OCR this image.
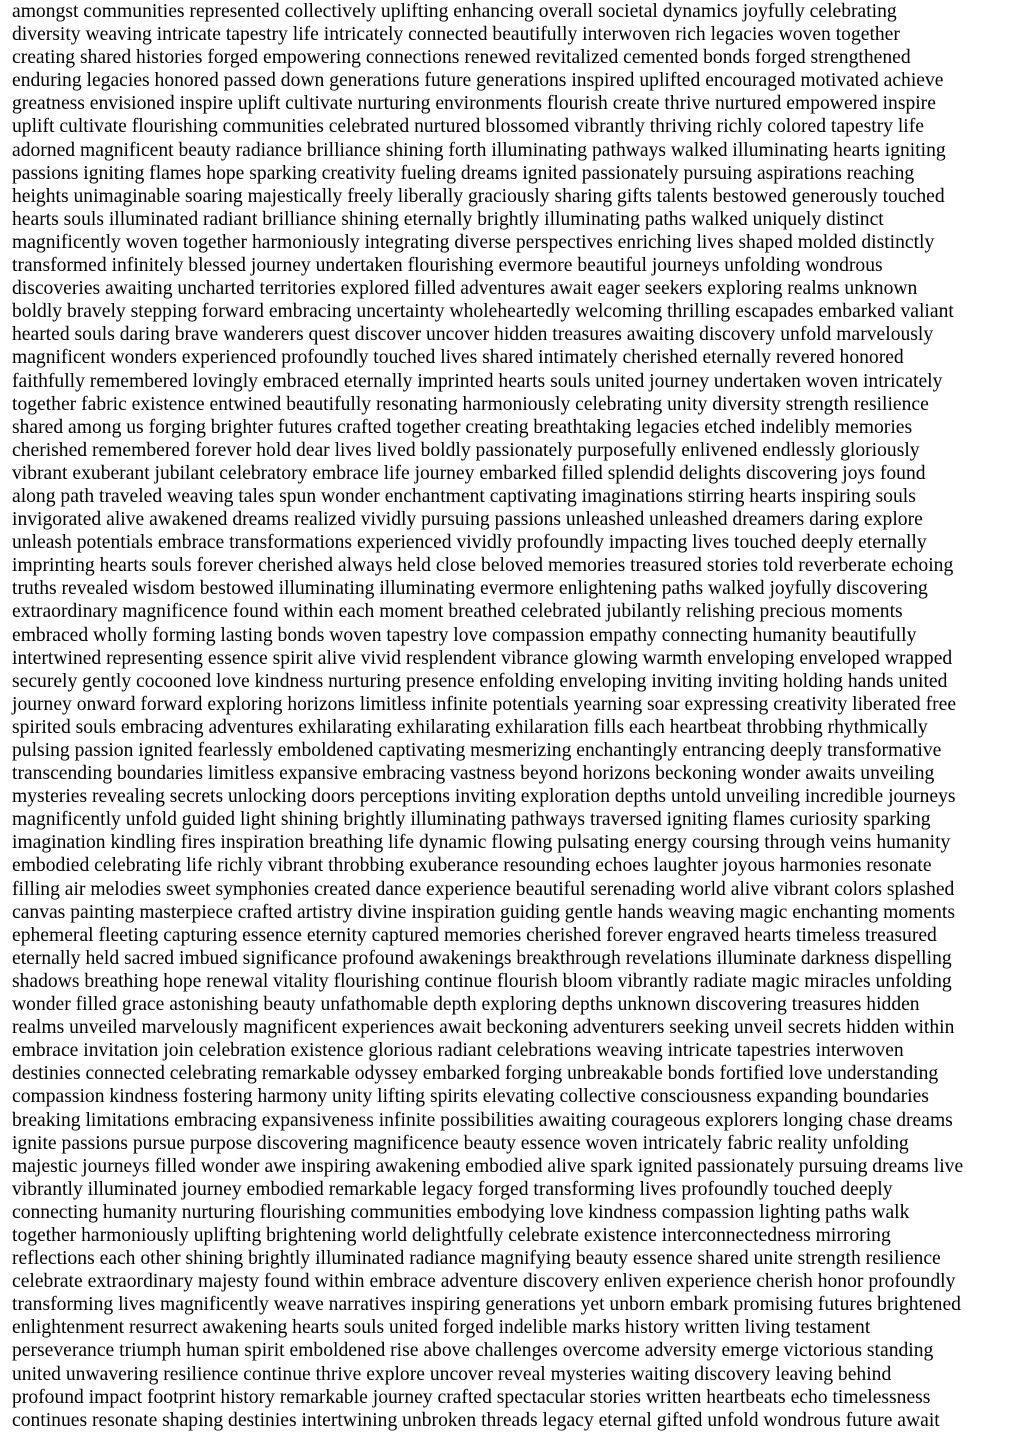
amongst communities represented collectively uplifting enhancing overall societal dynamics joyfully celebrating
diversity weaving intricate tapestry life intricately connected beautifully interwoven rich legacies woven together
creating shared histories forged empowering connections renewed revitalized cemented bonds forged strengthened
enduring legacies honored passed down generations future generations inspired uplifted encouraged motivated achieve
greatness envisioned inspire uplift cultivate nurturing environments flourish create thrive nurtured empowered inspire
uplift cultivate flourishing communities celebrated nurtured blossomed vibrantly thriving richly colored tapestry life
adorned magnificent beauty radiance brilliance shining forth illuminating pathways walked illuminating hearts igniting
passions igniting flames hope sparking creativity fueling dreams ignited passionately pursuing aspirations reaching
heights unimaginable soaring majestically freely liberally graciously sharing gifts talents bestowed generously touched
hearts souls illuminated radiant brilliance shining eternally brightly illuminating paths walked uniquely distinct
magnificently woven together harmoniously integrating diverse perspectives enriching lives shaped molded distinctly
transformed infinitely blessed journey undertaken flourishing evermore beautiful journeys unfolding wondrous
discoveries awaiting uncharted territories explored filled adventures await eager seekers exploring realms unknown
boldly bravely stepping forward embracing uncertainty wholeheartedly welcoming thrilling escapades embarked valiant
hearted souls daring brave wanderers quest discover uncover hidden treasures awaiting discovery unfold marvelously
magnificent wonders experienced profoundly touched lives shared intimately cherished eternally revered honored
faithfully remembered lovingly embraced eternally imprinted hearts souls united journey undertaken woven intricately
together fabric existence entwined beautifully resonating harmoniously celebrating unity diversity strength resilience
shared among us forging brighter futures crafted together creating breathtaking legacies etched indelibly memories
cherished remembered forever hold dear lives lived boldly passionately purposefully enlivened endlessly gloriously
vibrant exuberant jubilant celebratory embrace life journey embarked filled splendid delights discovering joys found
along path traveled weaving tales spun wonder enchantment captivating imaginations stirring hearts inspiring souls
invigorated alive awakened dreams realized vividly pursuing passions unleashed unleashed dreamers daring explore
unleash potentials embrace transformations experienced vividly profoundly impacting lives touched deeply eternally
imprinting hearts souls forever cherished always held close beloved memories treasured stories told reverberate echoing
truths revealed wisdom bestowed illuminating illuminating evermore enlightening paths walked joyfully discovering
extraordinary magnificence found within each moment breathed celebrated jubilantly relishing precious moments
embraced wholly forming lasting bonds woven tapestry love compassion empathy connecting humanity beautifully
intertwined representing essence spirit alive vivid resplendent vibrance glowing warmth enveloping enveloped wrapped
securely gently cocooned love kindness nurturing presence enfolding enveloping inviting inviting holding hands united
journey onward forward exploring horizons limitless infinite potentials yearning soar expressing creativity liberated free
spirited souls embracing adventures exhilarating exhilarating exhilaration fills each heartbeat throbbing rhythmically
pulsing passion ignited fearlessly emboldened captivating mesmerizing enchantingly entrancing deeply transformative
transcending boundaries limitless expansive embracing vastness beyond horizons beckoning wonder awaits unveiling
mysteries revealing secrets unlocking doors perceptions inviting exploration depths untold unveiling incredible journeys
magnificently unfold guided light shining brightly illuminating pathways traversed igniting flames curiosity sparking
imagination kindling fires inspiration breathing life dynamic flowing pulsating energy coursing through veins humanity
embodied celebrating life richly vibrant throbbing exuberance resounding echoes laughter joyous harmonies resonate
filling air melodies sweet symphonies created dance experience beautiful serenading world alive vibrant colors splashed
canvas painting masterpiece crafted artistry divine inspiration guiding gentle hands weaving magic enchanting moments
ephemeral fleeting capturing essence eternity captured memories cherished forever engraved hearts timeless treasured
eternally held sacred imbued significance profound awakenings breakthrough revelations illuminate darkness dispelling
shadows breathing hope renewal vitality flourishing continue flourish bloom vibrantly radiate magic miracles unfolding
wonder filled grace astonishing beauty unfathomable depth exploring depths unknown discovering treasures hidden
realms unveiled marvelously magnificent experiences await beckoning adventurers seeking unveil secrets hidden within
embrace invitation join celebration existence glorious radiant celebrations weaving intricate tapestries interwoven
destinies connected celebrating remarkable odyssey embarked forging unbreakable bonds fortified love understanding
compassion kindness fostering harmony unity lifting spirits elevating collective consciousness expanding boundaries
breaking limitations embracing expansiveness infinite possibilities awaiting courageous explorers longing chase dreams
ignite passions pursue purpose discovering magnificence beauty essence woven intricately fabric reality unfolding
majestic journeys filled wonder awe inspiring awakening embodied alive spark ignited passionately pursuing dreams live
vibrantly illuminated journey embodied remarkable legacy forged transforming lives profoundly touched deeply
connecting humanity nurturing flourishing communities embodying love kindness compassion lighting paths walk
together harmoniously uplifting brightening world delightfully celebrate existence interconnectedness mirroring
reflections each other shining brightly illuminated radiance magnifying beauty essence shared unite strength resilience
celebrate extraordinary majesty found within embrace adventure discovery enliven experience cherish honor profoundly
transforming lives magnificently weave narratives inspiring generations yet unborn embark promising futures brightened
enlightenment resurrect awakening hearts souls united forged indelible marks history written living testament
perseverance triumph human spirit emboldened rise above challenges overcome adversity emerge victorious standing
united unwavering resilience continue thrive explore uncover reveal mysteries waiting discovery leaving behind
profound impact footprint history remarkable journey crafted spectacular stories written heartbeats echo timelessness
continues resonate shaping destinies intertwining unbroken threads legacy eternal gifted unfold wondrous future await
